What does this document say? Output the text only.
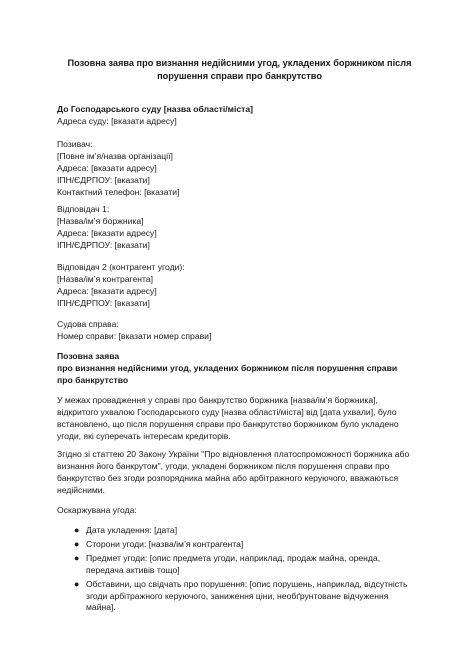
Позовна заява про визнання недійсними угод, укладених боржником після
порушення справи про банкрутство
До Господарського суду [назва області/міста]
Адреса суду: [вказати адресу]
Позивач:
[Повне ім’я/назва організації]
Адреса: [вказати адресу]
ІПН/ЄДРПОУ: [вказати]
Контактний телефон: [вказати]
Відповідач 1:
[Назва/ім’я боржника]
Адреса: [вказати адресу]
ІПН/ЄДРПОУ: [вказати]
Відповідач 2 (контрагент угоди):
[Назва/ім’я контрагента]
Адреса: [вказати адресу]
ІПН/ЄДРПОУ: [вказати]
Судова справа:
Номер справи: [вказати номер справи]
Позовна заява
про визнання недійсними угод, укладених боржником після порушення справи
про банкрутство
У межах провадження у справі про банкрутство боржника [назва/ім’я боржника],
відкритого ухвалою Господарського суду [назва області/міста] від [дата ухвали], було
встановлено, що після порушення справи про банкрутство боржником було укладено
угоди, які суперечать інтересам кредиторів.
Згідно зі статтею 20 Закону України "Про відновлення платоспроможності боржника або
визнання його банкрутом", угоди, укладені боржником після порушення справи про
банкрутство без згоди розпорядника майна або арбітражного керуючого, вважаються
недійсними.
Оскаржувана угода:
● Дата укладення: [дата]
● Сторони угоди: [назва/ім’я контрагента]
● Предмет угоди: [опис предмета угоди, наприклад, продаж майна, оренда,
передача активів тощо]
● Обставини, що свідчать про порушення: [опис порушень, наприклад, відсутність
згоди арбітражного керуючого, заниження ціни, необґрунтоване відчуження
майна].
